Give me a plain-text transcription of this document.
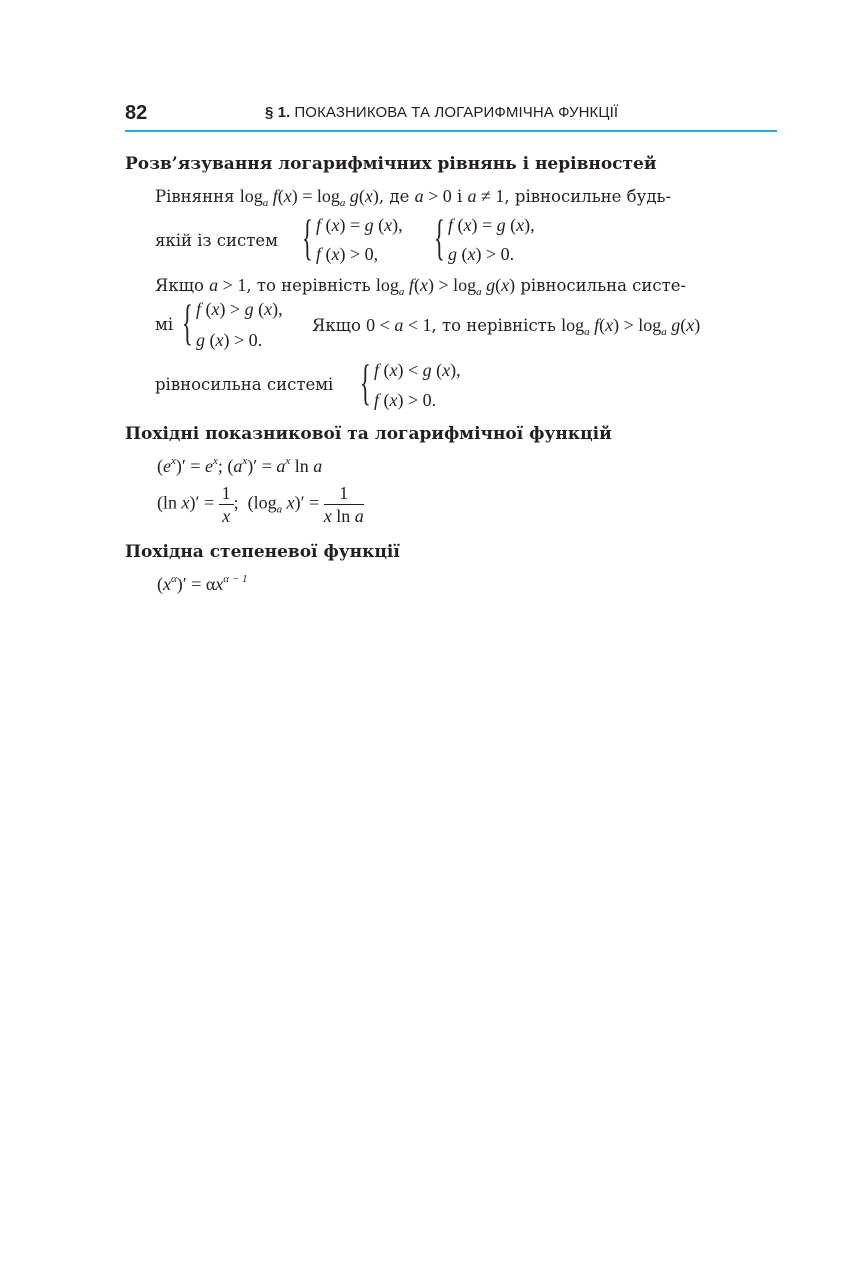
82	§ 1. ПОКАЗНИКОВА ТА ЛОГАРИФМІЧНА ФУНКЦІЇ
Розв’язування логарифмічних рівнянь і нерівностей
Рівняння $\log_a f(x) = \log_a g(x)$, де a > 0 і a ≠ 1, рівносильне будь-
якій із систем { f (x) = g (x),
f (x) > 0, { f (x) = g (x),
g (x) > 0.
Якщо a > 1, то нерівність $\log_a f(x) > \log_a g(x)$ рівносильна систе-
мі { f (x) > g (x),
g (x) > 0.
Якщо 0 < a < 1, то нерівність $\log_a f(x) > \log_a g(x)$
рівносильна системі { f (x) < g (x),
f (x) > 0.
Похідні показникової та логарифмічної функцій
$(e^x)' = e^x$; $(a^x)' = a^x$ ln a
(ln $x)' = \frac{1}{x}$ ;  ($\log_a$ $x)' = \frac{1}{\text{x ln a}}$
Похідна степеневої функції
$(x^\alpha)' = \alpha x^{\alpha - 1}$
